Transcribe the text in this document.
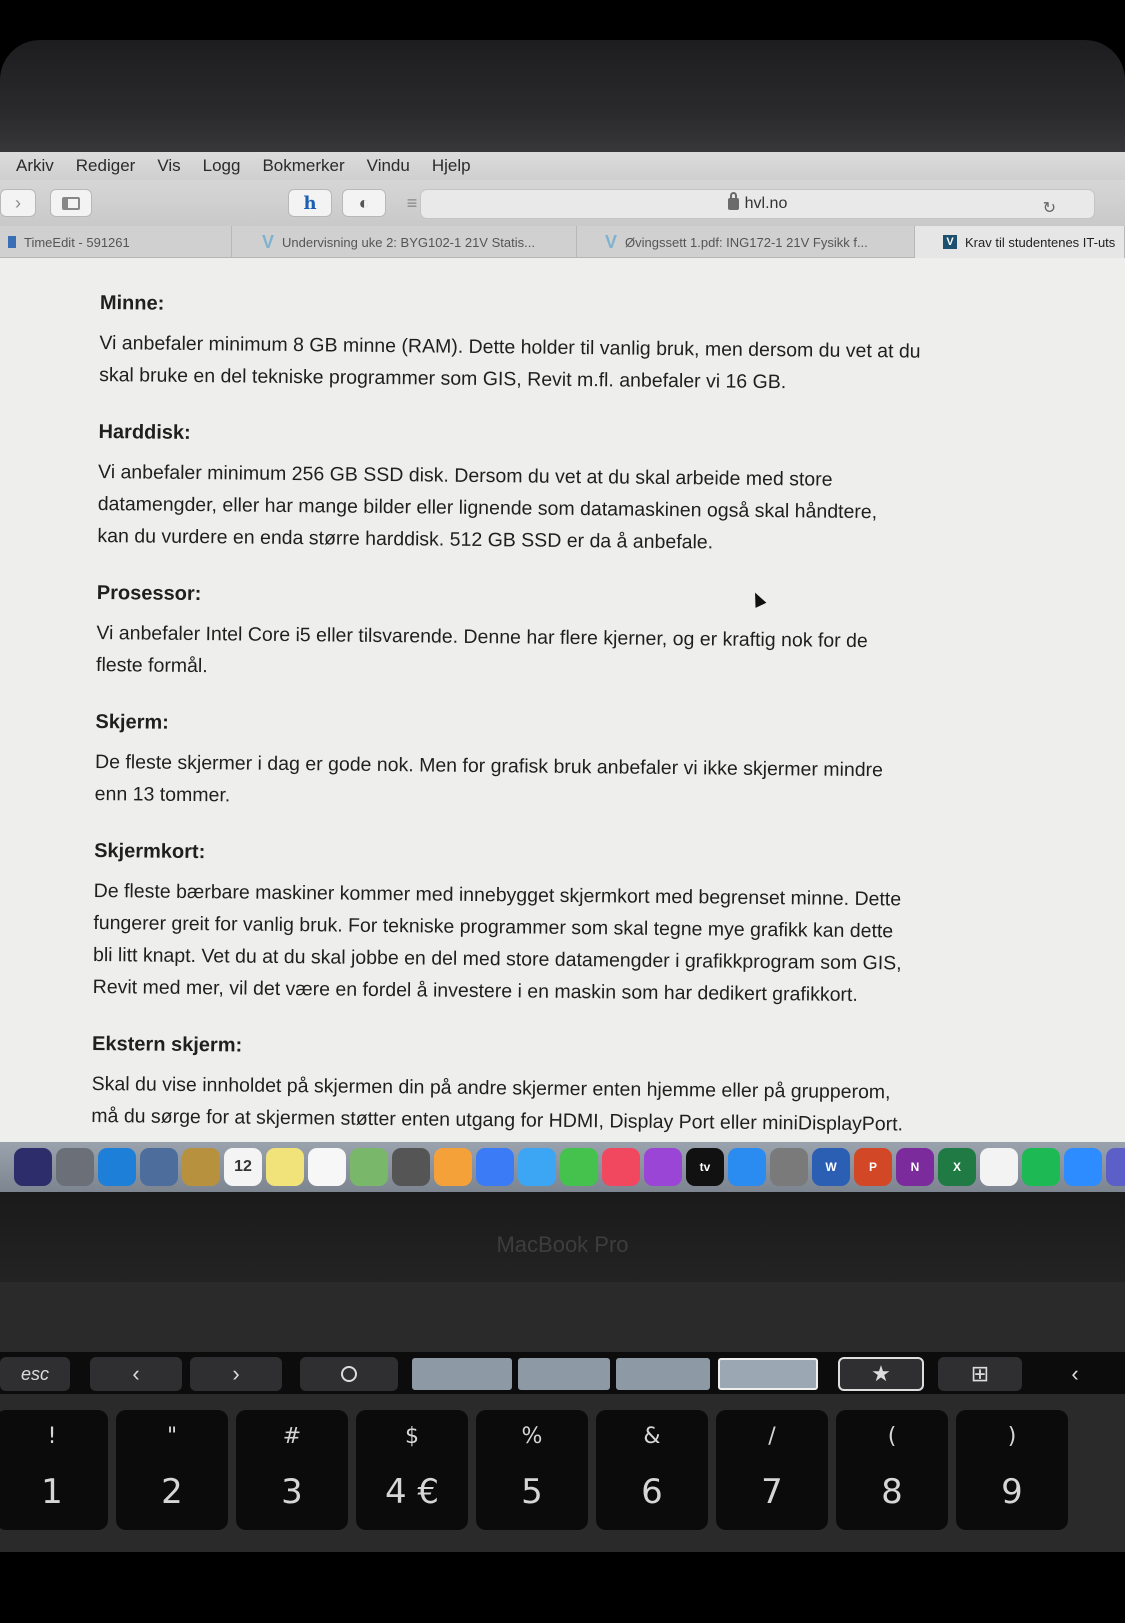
Arkiv Rediger Vis Logg Bokmerker Vindu Hjelp
›	h ◐ ≡	hvl.no	↻
TimeEdit - 591261	V Undervisning uke 2: BYG102-1 21V Statis...	V Øvingssett 1.pdf: ING172-1 21V Fysikk f...	V Krav til studentenes IT-uts
Minne:

Vi anbefaler minimum 8 GB minne (RAM). Dette holder til vanlig bruk, men dersom du vet at du

skal bruke en del tekniske programmer som GIS, Revit m.fl. anbefaler vi 16 GB.

Harddisk:

Vi anbefaler minimum 256 GB SSD disk. Dersom du vet at du skal arbeide med store

datamengder, eller har mange bilder eller lignende som datamaskinen også skal håndtere,

kan du vurdere en enda større harddisk. 512 GB SSD er da å anbefale.

Prosessor:

Vi anbefaler Intel Core i5 eller tilsvarende. Denne har flere kjerner, og er kraftig nok for de

fleste formål.

Skjerm:

De fleste skjermer i dag er gode nok. Men for grafisk bruk anbefaler vi ikke skjermer mindre

enn 13 tommer.

Skjermkort:

De fleste bærbare maskiner kommer med innebygget skjermkort med begrenset minne. Dette

fungerer greit for vanlig bruk. For tekniske programmer som skal tegne mye grafikk kan dette

bli litt knapt. Vet du at du skal jobbe en del med store datamengder i grafikkprogram som GIS,

Revit med mer, vil det være en fordel å investere i en maskin som har dedikert grafikkort.

Ekstern skjerm:

Skal du vise innholdet på skjermen din på andre skjermer enten hjemme eller på grupperom,

må du sørge for at skjermen støtter enten utgang for HDMI, Display Port eller miniDisplayPort.

12	tv	W	P	N	X
MacBook Pro
esc	‹	›	★	⊞	‹
!
1
"
2
#
3
$
4 €
%
5
&
6
/
7
(
8
)
9
